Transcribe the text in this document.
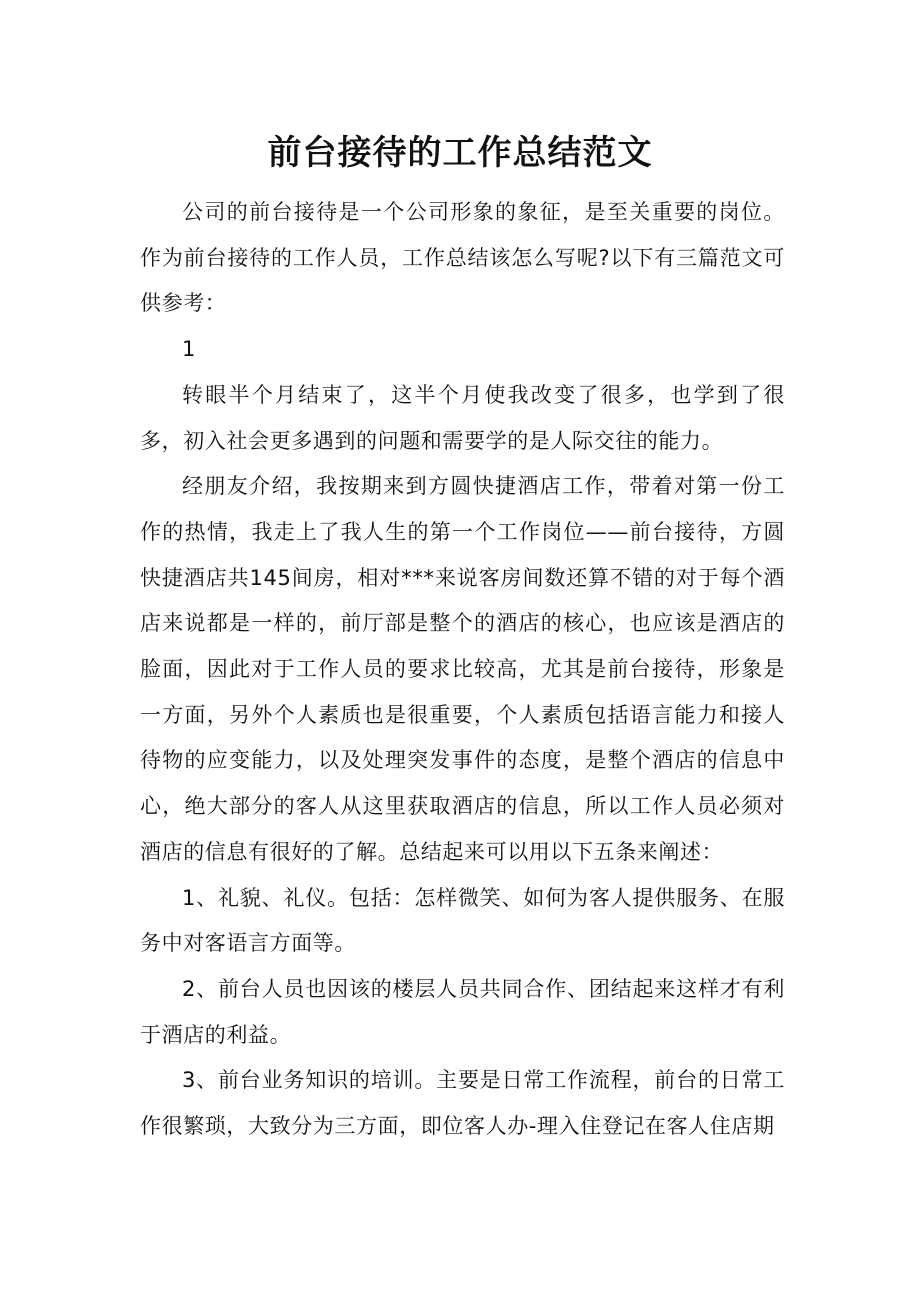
前台接待的工作总结范文

公司的前台接待是一个公司形象的象征，是至关重要的岗位。作为前台接待的工作人员，工作总结该怎么写呢?以下有三篇范文可供参考：

1

转眼半个月结束了，这半个月使我改变了很多，也学到了很多，初入社会更多遇到的问题和需要学的是人际交往的能力。

经朋友介绍，我按期来到方圆快捷酒店工作，带着对第一份工作的热情，我走上了我人生的第一个工作岗位——前台接待，方圆快捷酒店共145间房，相对***来说客房间数还算不错的对于每个酒店来说都是一样的，前厅部是整个的酒店的核心，也应该是酒店的脸面，因此对于工作人员的要求比较高，尤其是前台接待，形象是一方面，另外个人素质也是很重要，个人素质包括语言能力和接人待物的应变能力，以及处理突发事件的态度，是整个酒店的信息中心，绝大部分的客人从这里获取酒店的信息，所以工作人员必须对酒店的信息有很好的了解。总结起来可以用以下五条来阐述：

1、礼貌、礼仪。包括：怎样微笑、如何为客人提供服务、在服务中对客语言方面等。

2、前台人员也因该的楼层人员共同合作、团结起来这样才有利于酒店的利益。

3、前台业务知识的培训。主要是日常工作流程，前台的日常工作很繁琐，大致分为三方面，即位客人办-理入住登记在客人住店期
